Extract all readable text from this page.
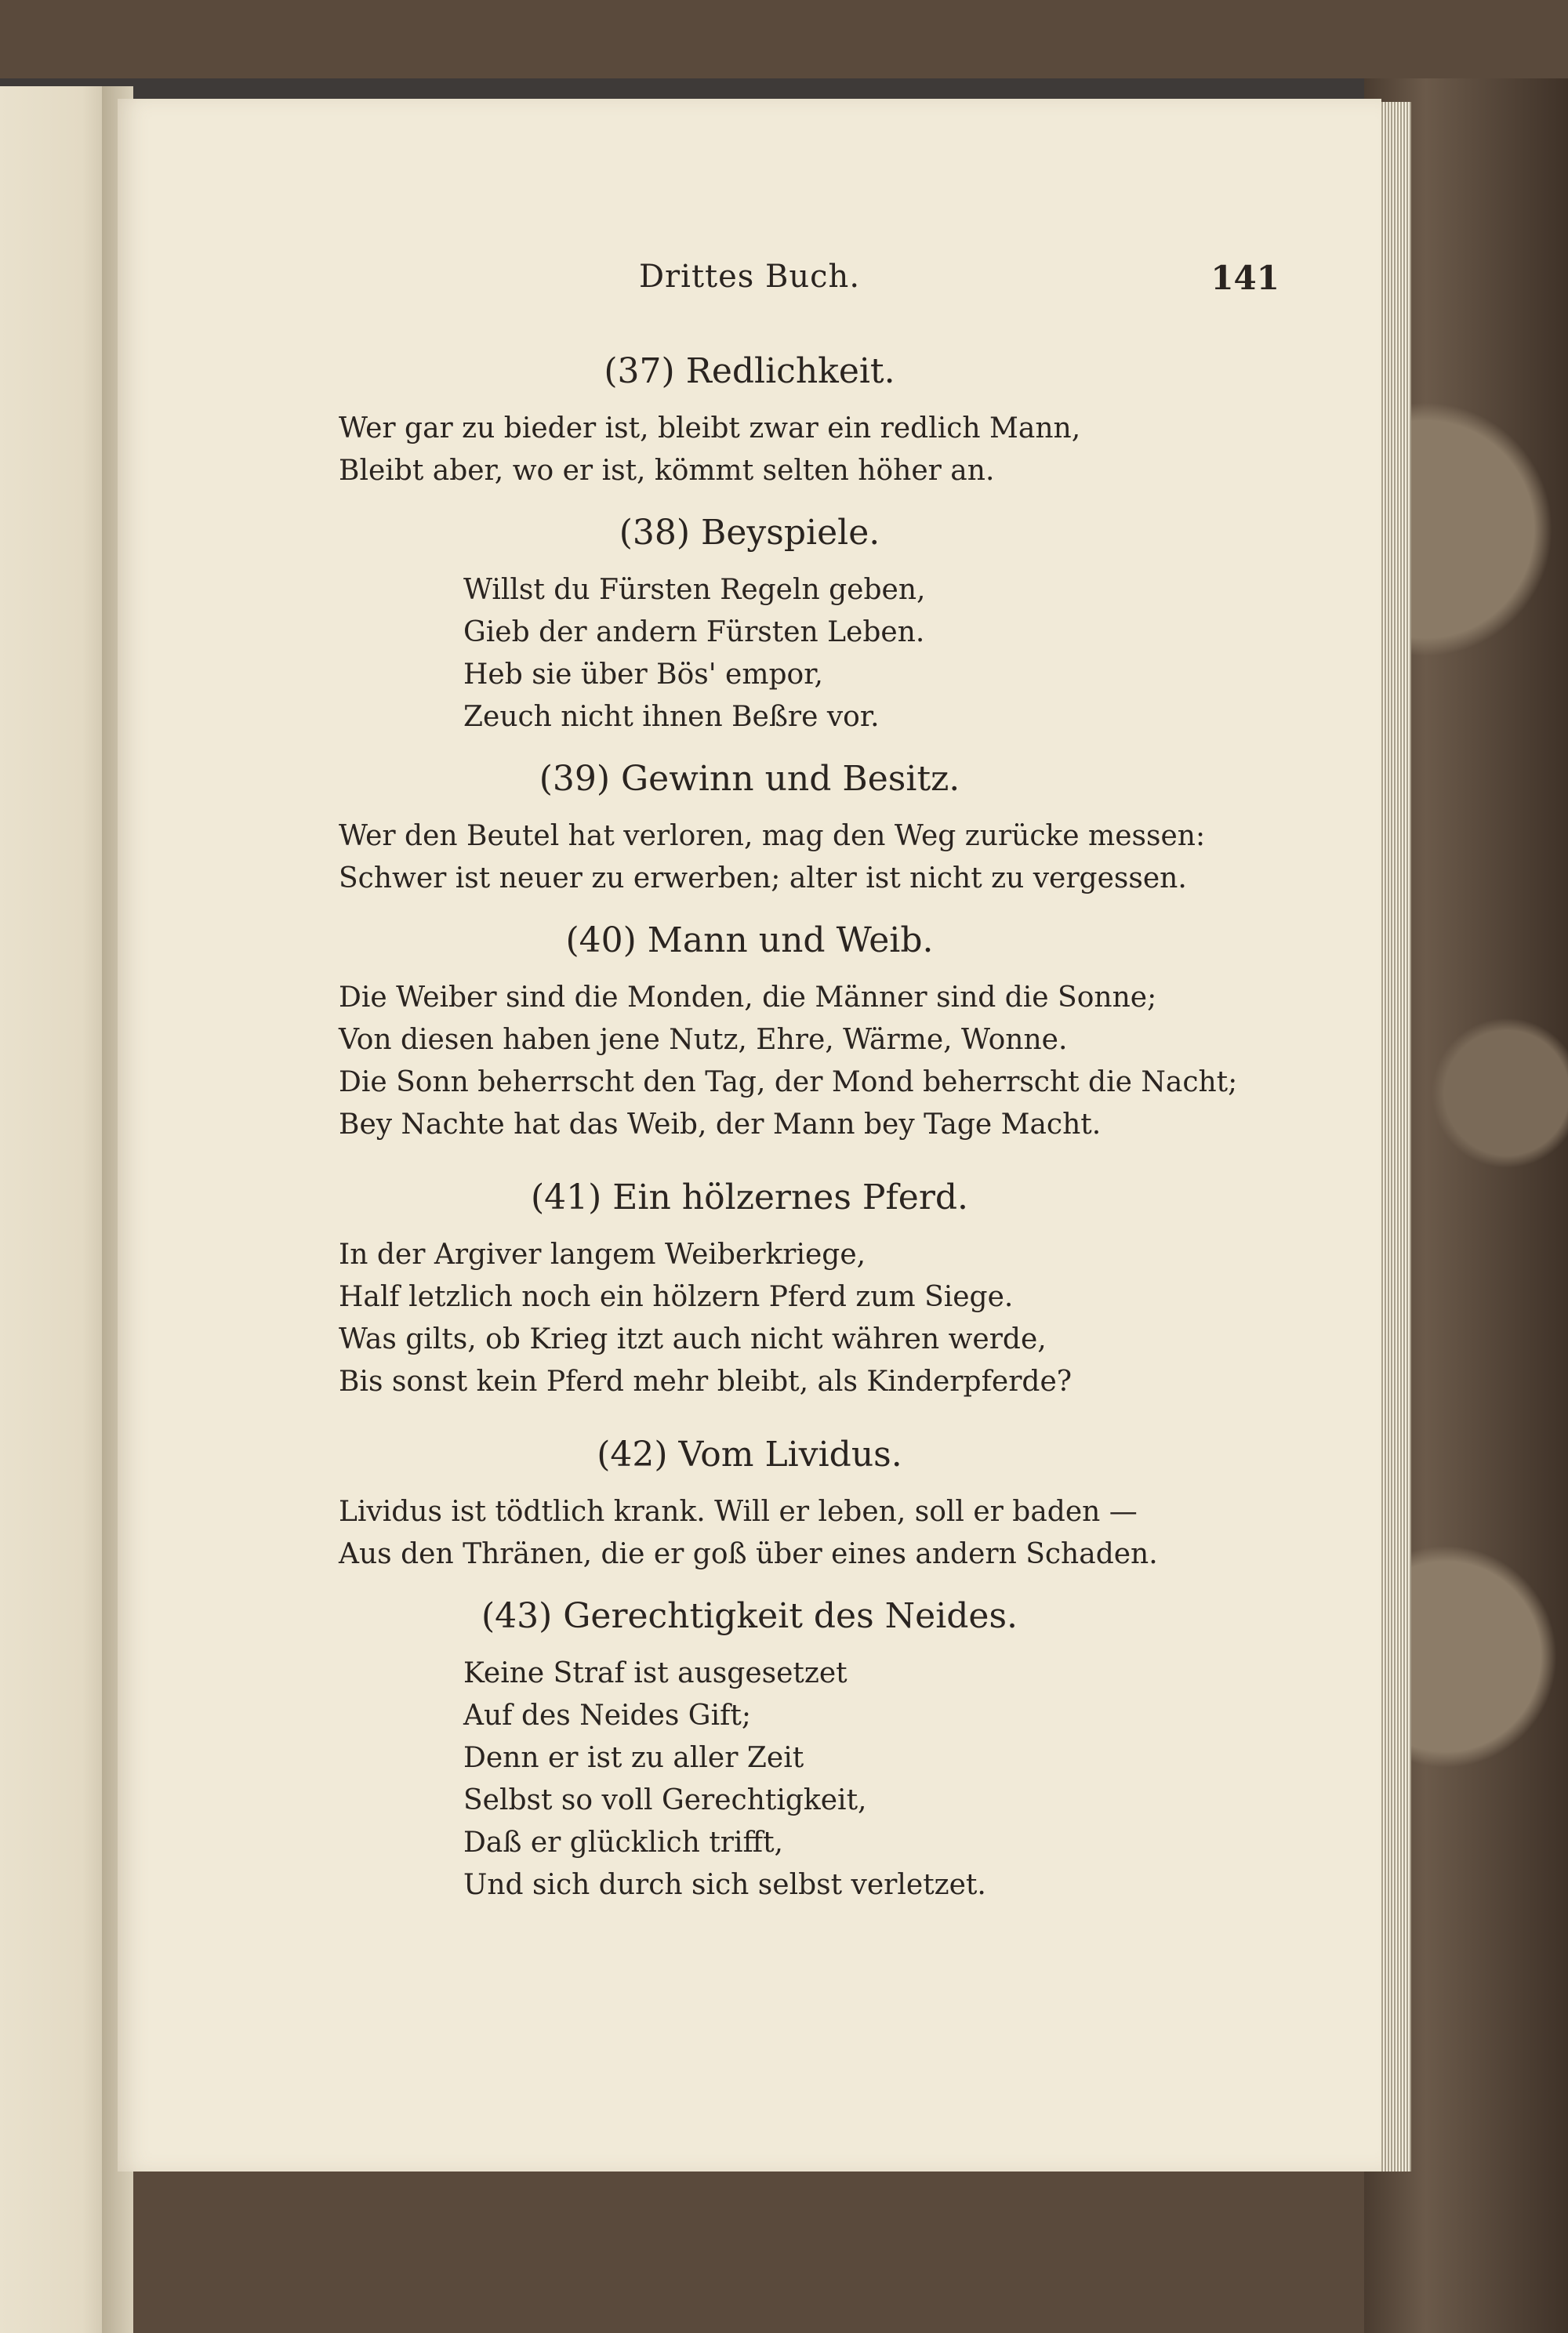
Drittes Buch.	141
(37) Redlichkeit.
Wer gar zu bieder ist, bleibt zwar ein redlich Mann,
Bleibt aber, wo er ist, kömmt selten höher an.
(38) Beyspiele.
Willst du Fürsten Regeln geben,
Gieb der andern Fürsten Leben.
Heb sie über Bös' empor,
Zeuch nicht ihnen Beßre vor.
(39) Gewinn und Besitz.
Wer den Beutel hat verloren, mag den Weg zurücke messen:
Schwer ist neuer zu erwerben; alter ist nicht zu vergessen.
(40) Mann und Weib.
Die Weiber sind die Monden, die Männer sind die Sonne;
Von diesen haben jene Nutz, Ehre, Wärme, Wonne.
Die Sonn beherrscht den Tag, der Mond beherrscht die Nacht;
Bey Nachte hat das Weib, der Mann bey Tage Macht.
(41) Ein hölzernes Pferd.
In der Argiver langem Weiberkriege,
Half letzlich noch ein hölzern Pferd zum Siege.
Was gilts, ob Krieg itzt auch nicht währen werde,
Bis sonst kein Pferd mehr bleibt, als Kinderpferde?
(42) Vom Lividus.
Lividus ist tödtlich krank. Will er leben, soll er baden —
Aus den Thränen, die er goß über eines andern Schaden.
(43) Gerechtigkeit des Neides.
Keine Straf ist ausgesetzet
Auf des Neides Gift;
Denn er ist zu aller Zeit
Selbst so voll Gerechtigkeit,
Daß er glücklich trifft,
Und sich durch sich selbst verletzet.
